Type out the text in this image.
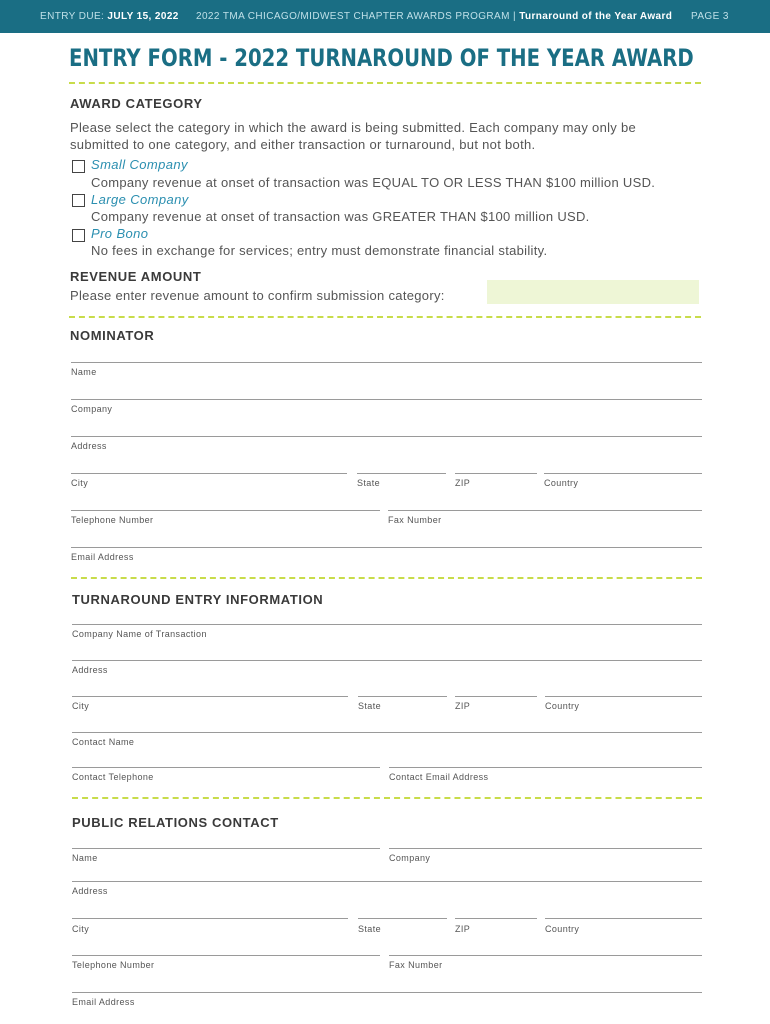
ENTRY DUE: JULY 15, 2022 2022 TMA CHICAGO/MIDWEST CHAPTER AWARDS PROGRAM | Turnaround of the Year Award PAGE 3
ENTRY FORM - 2022 TURNAROUND OF THE YEAR AWARD
AWARD CATEGORY

Please select the category in which the award is being submitted. Each company may only be

submitted to one category, and either transaction or turnaround, but not both.

Small Company
Company revenue at onset of transaction was EQUAL TO OR LESS THAN $100 million USD.
Large Company
Company revenue at onset of transaction was GREATER THAN $100 million USD.
Pro Bono
No fees in exchange for services; entry must demonstrate financial stability.
REVENUE AMOUNT

Please enter revenue amount to confirm submission category:

NOMINATOR
Name
Company
Address
City	State	ZIP	Country
Telephone Number	Fax Number
Email Address
TURNAROUND ENTRY INFORMATION
Company Name of Transaction
Address
City	State	ZIP	Country
Contact Name
Contact Telephone	Contact Email Address
PUBLIC RELATIONS CONTACT
Name	Company
Address
City	State	ZIP	Country
Telephone Number	Fax Number
Email Address
